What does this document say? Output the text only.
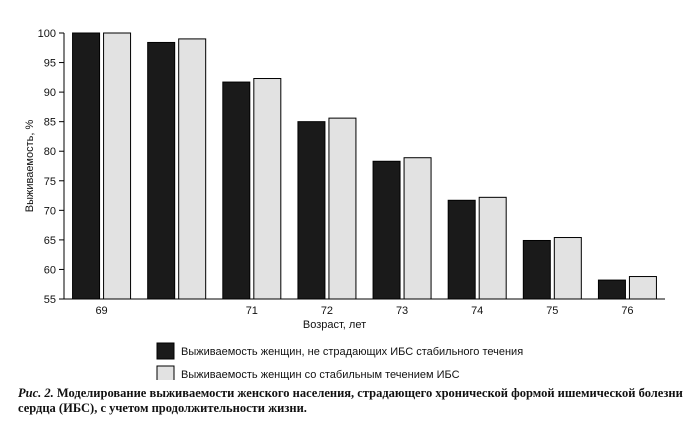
55
60
65
70
75
80
85
90
95
100
69	71	72	73	74	75	76
Выживаемость, %
Возраст, лет
Выживаемость женщин, не страдающих ИБС стабильного течения
Выживаемость женщин со стабильным течением ИБС
Рис. 2. Моделирование выживаемости женского населения, страдающего хронической формой ишемической болезни сердца (ИБС), с учетом продолжительности жизни.
